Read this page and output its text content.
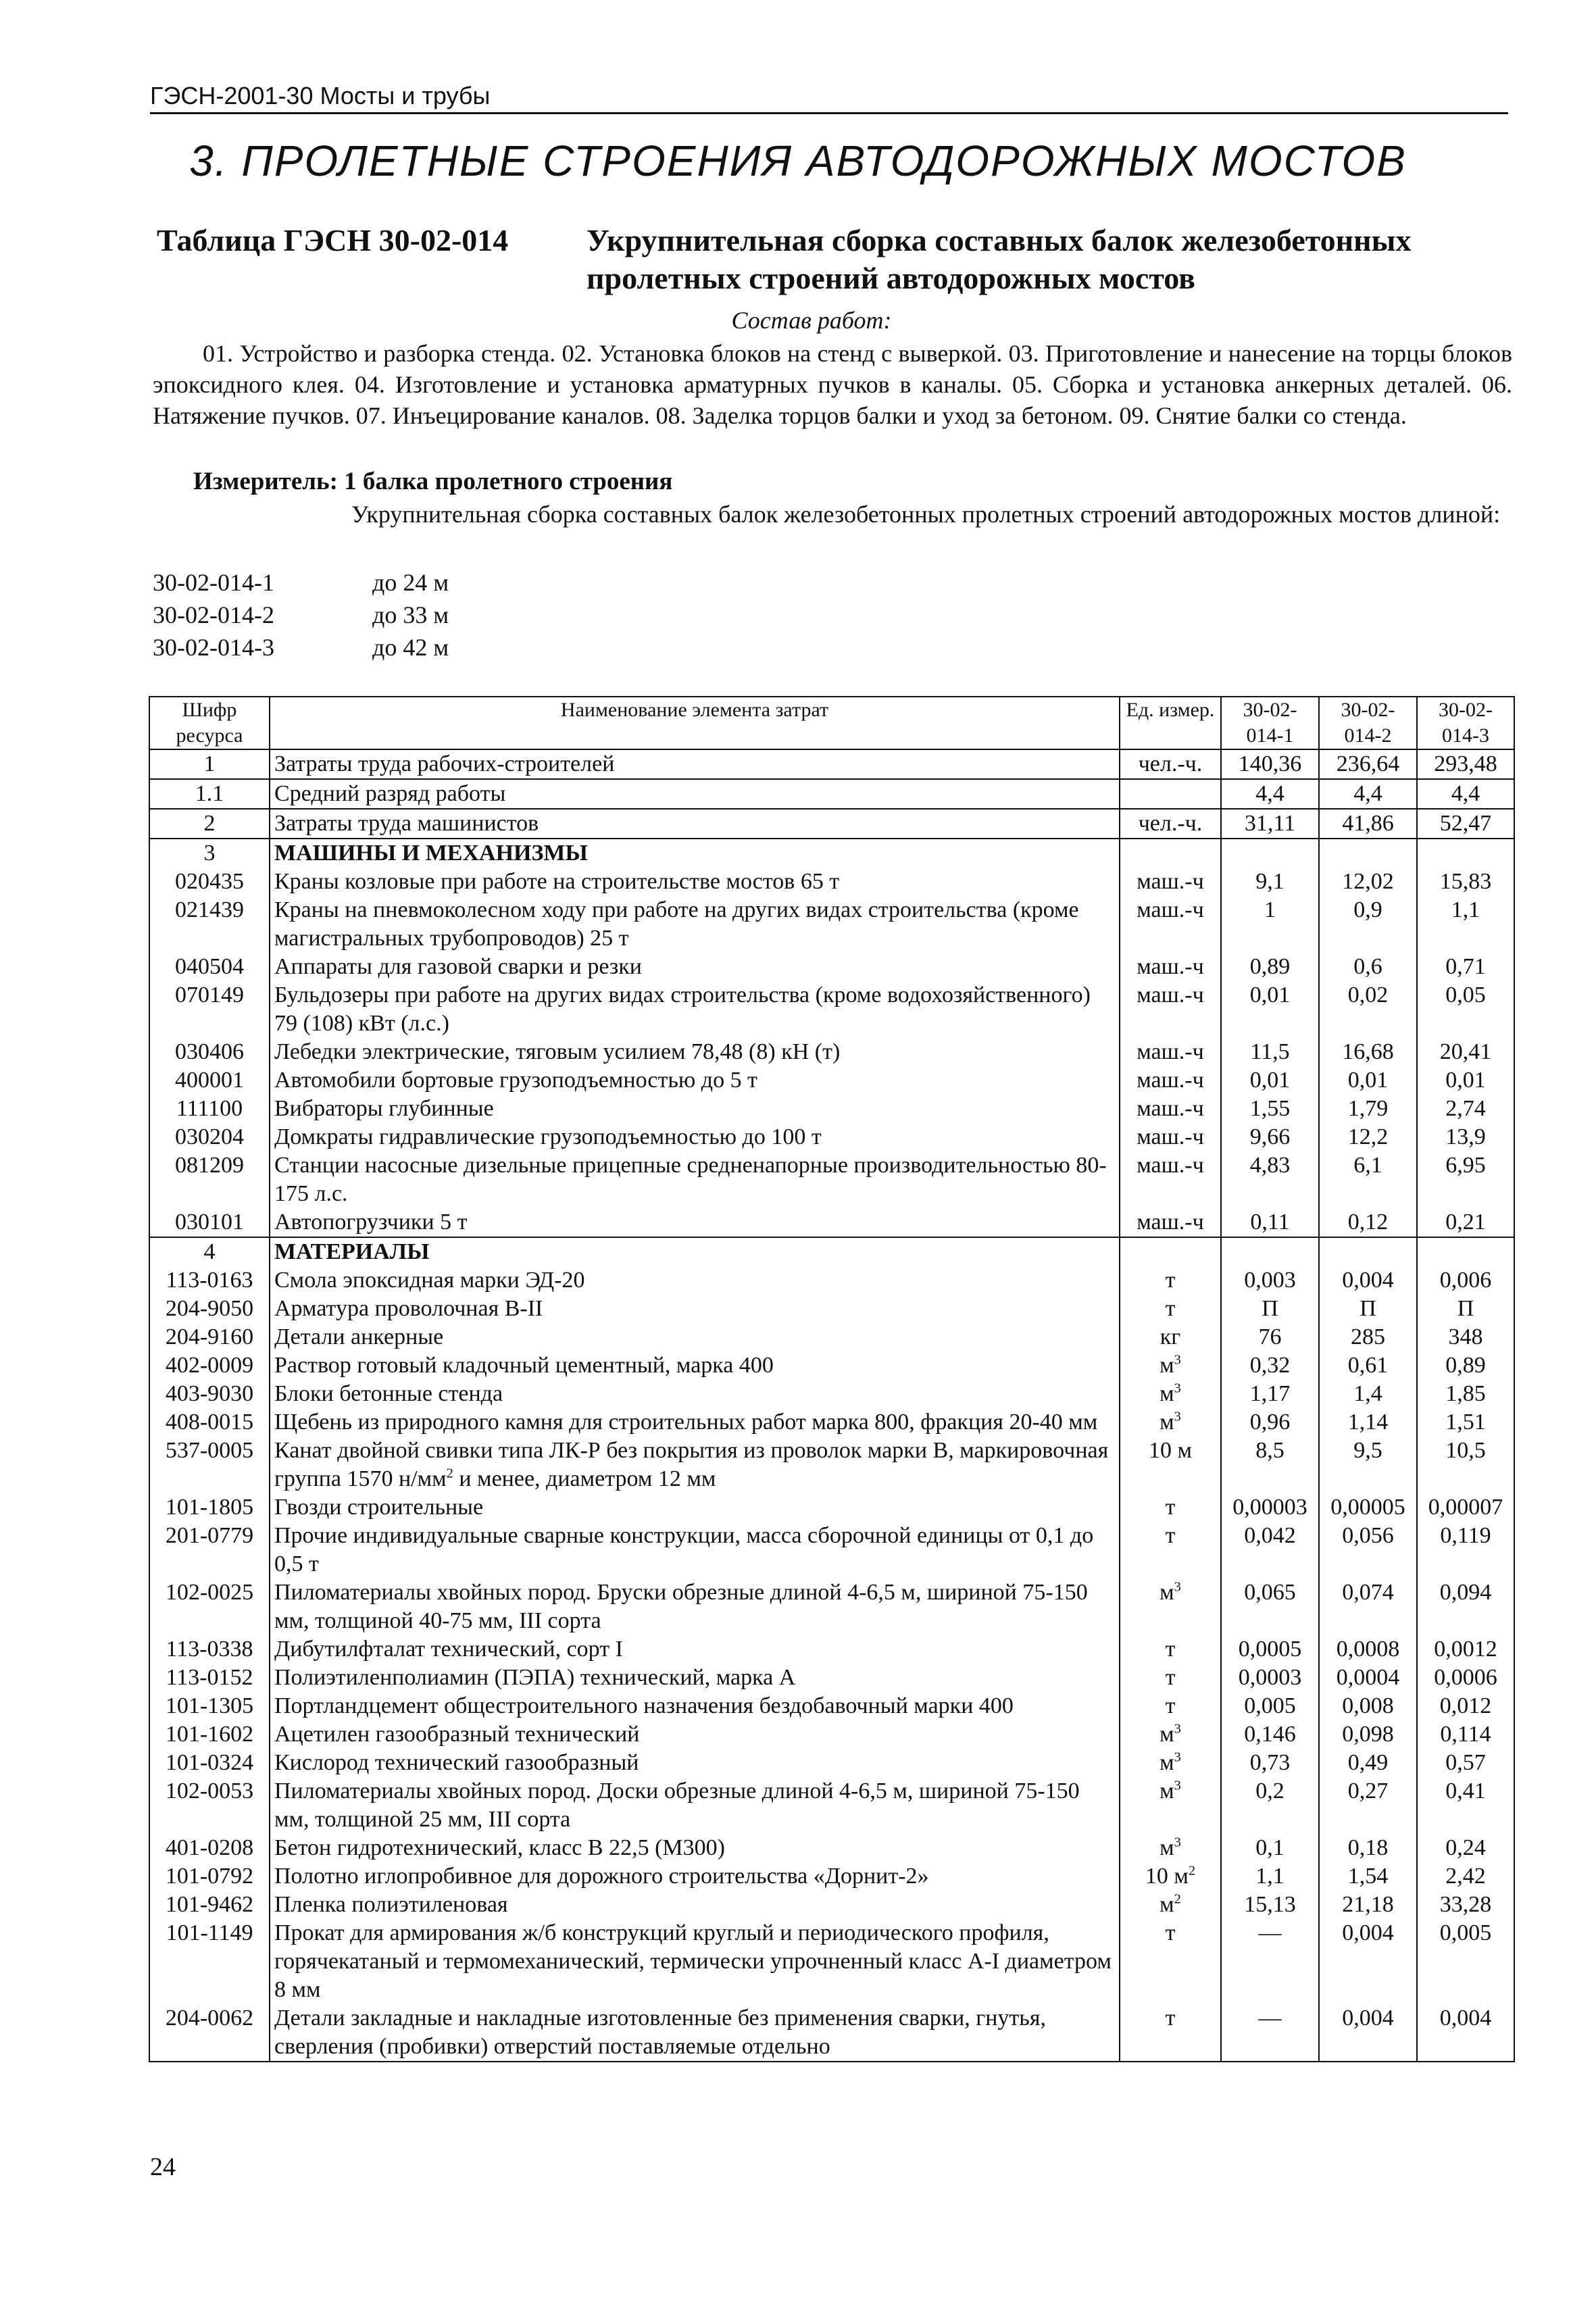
ГЭСН-2001-30 Мосты и трубы
3. ПРОЛЕТНЫЕ СТРОЕНИЯ АВТОДОРОЖНЫХ МОСТОВ
Таблица ГЭСН 30-02-014	Укрупнительная сборка составных балок железобетонных пролетных строений автодорожных мостов
Состав работ:
01. Устройство и разборка стенда. 02. Установка блоков на стенд с выверкой. 03. Приготовление и нанесение на торцы блоков эпоксидного клея. 04. Изготовление и установка арматурных пучков в каналы. 05. Сборка и установка анкерных деталей. 06. Натяжение пучков. 07. Инъецирование каналов. 08. Заделка торцов балки и уход за бетоном. 09. Снятие балки со стенда.
Измеритель: 1 балка пролетного строения
Укрупнительная сборка составных балок железобетонных пролетных строений автодорожных мостов длиной:
30-02-014-1	до 24 м
30-02-014-2	до 33 м
30-02-014-3	до 42 м
Шифр ресурса	Наименование элемента затрат	Ед. измер.	30-02-014-1	30-02-014-2	30-02-014-3
1	Затраты труда рабочих-строителей	чел.-ч.	140,36	236,64	293,48
1.1	Средний разряд работы		4,4	4,4	4,4
2	Затраты труда машинистов	чел.-ч.	31,11	41,86	52,47
3	МАШИНЫ И МЕХАНИЗМЫ				
020435	Краны козловые при работе на строительстве мостов 65 т	маш.-ч	9,1	12,02	15,83
021439	Краны на пневмоколесном ходу при работе на других видах строительства (кроме магистральных трубопроводов) 25 т	маш.-ч	1	0,9	1,1
040504	Аппараты для газовой сварки и резки	маш.-ч	0,89	0,6	0,71
070149	Бульдозеры при работе на других видах строительства (кроме водохозяйственного) 79 (108) кВт (л.с.)	маш.-ч	0,01	0,02	0,05
030406	Лебедки электрические, тяговым усилием 78,48 (8) кН (т)	маш.-ч	11,5	16,68	20,41
400001	Автомобили бортовые грузоподъемностью до 5 т	маш.-ч	0,01	0,01	0,01
111100	Вибраторы глубинные	маш.-ч	1,55	1,79	2,74
030204	Домкраты гидравлические грузоподъемностью до 100 т	маш.-ч	9,66	12,2	13,9
081209	Станции насосные дизельные прицепные средненапорные производительностью 80-175 л.с.	маш.-ч	4,83	6,1	6,95
030101	Автопогрузчики 5 т	маш.-ч	0,11	0,12	0,21
4	МАТЕРИАЛЫ				
113-0163	Смола эпоксидная марки ЭД-20	т	0,003	0,004	0,006
204-9050	Арматура проволочная В-II	т	П	П	П
204-9160	Детали анкерные	кг	76	285	348
402-0009	Раствор готовый кладочный цементный, марка 400	$м^3$	0,32	0,61	0,89
403-9030	Блоки бетонные стенда	$м^3$	1,17	1,4	1,85
408-0015	Щебень из природного камня для строительных работ марка 800, фракция 20-40 мм	$м^3$	0,96	1,14	1,51
537-0005	Канат двойной свивки типа ЛК-Р без покрытия из проволок марки В, маркировочная группа 1570 $н/мм^2$ и менее, диаметром 12 мм	10 м	8,5	9,5	10,5
101-1805	Гвозди строительные	т	0,00003	0,00005	0,00007
201-0779	Прочие индивидуальные сварные конструкции, масса сборочной единицы от 0,1 до 0,5 т	т	0,042	0,056	0,119
102-0025	Пиломатериалы хвойных пород. Бруски обрезные длиной 4-6,5 м, шириной 75-150 мм, толщиной 40-75 мм, III сорта	$м^3$	0,065	0,074	0,094
113-0338	Дибутилфталат технический, сорт I	т	0,0005	0,0008	0,0012
113-0152	Полиэтиленполиамин (ПЭПА) технический, марка А	т	0,0003	0,0004	0,0006
101-1305	Портландцемент общестроительного назначения бездобавочный марки 400	т	0,005	0,008	0,012
101-1602	Ацетилен газообразный технический	$м^3$	0,146	0,098	0,114
101-0324	Кислород технический газообразный	$м^3$	0,73	0,49	0,57
102-0053	Пиломатериалы хвойных пород. Доски обрезные длиной 4-6,5 м, шириной 75-150 мм, толщиной 25 мм, III сорта	$м^3$	0,2	0,27	0,41
401-0208	Бетон гидротехнический, класс В 22,5 (М300)	$м^3$	0,1	0,18	0,24
101-0792	Полотно иглопробивное для дорожного строительства «Дорнит-2»	10 $м^2$	1,1	1,54	2,42
101-9462	Пленка полиэтиленовая	$м^2$	15,13	21,18	33,28
101-1149	Прокат для армирования ж/б конструкций круглый и периодического профиля, горячекатаный и термомеханический, термически упрочненный класс А-I диаметром 8 мм	т	—	0,004	0,005
204-0062	Детали закладные и накладные изготовленные без применения сварки, гнутья, сверления (пробивки) отверстий поставляемые отдельно	т	—	0,004	0,004
24
